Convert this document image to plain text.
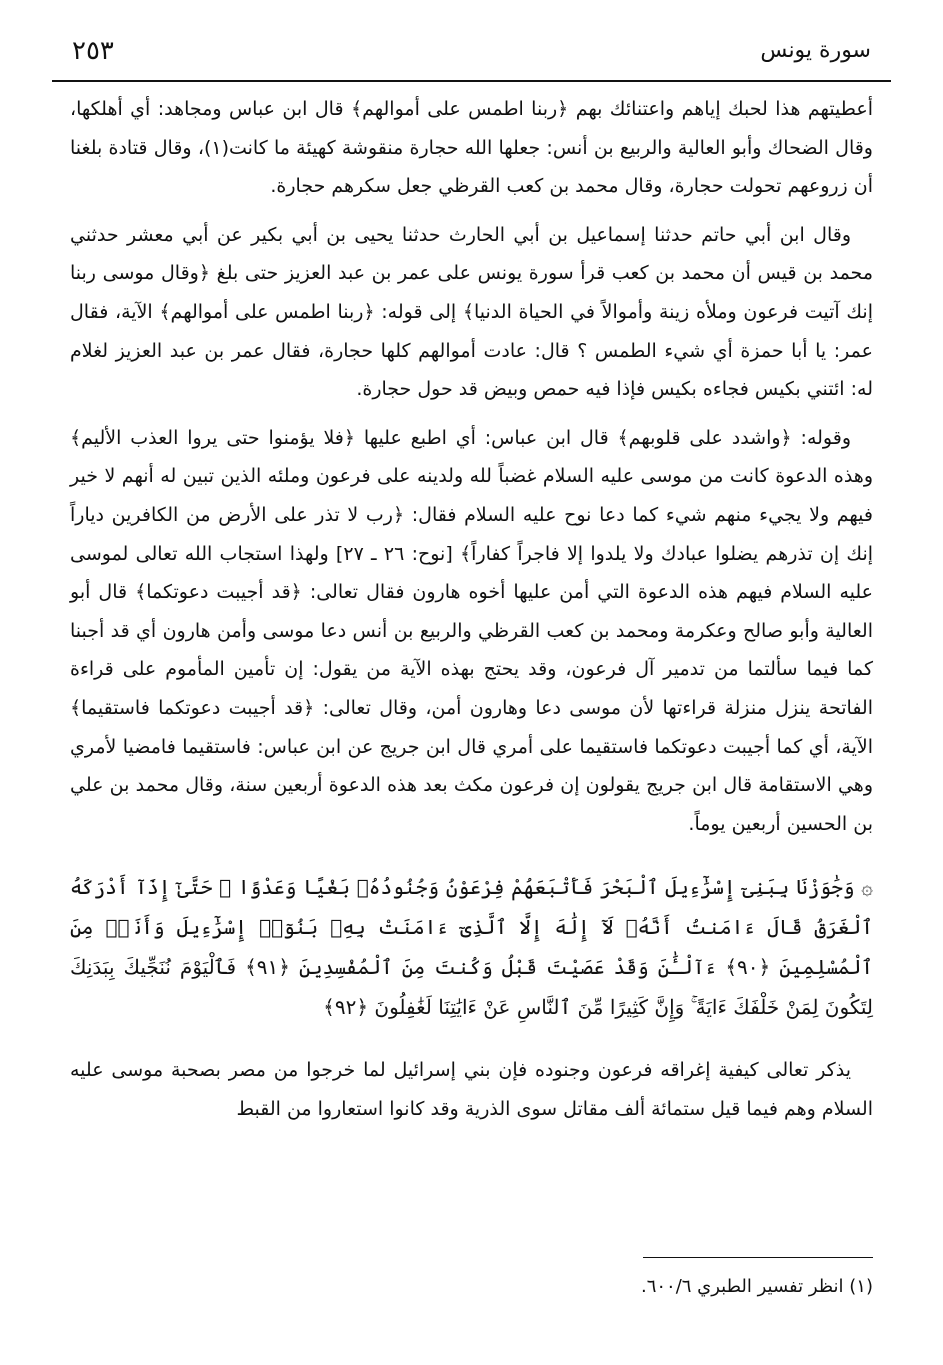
سورة يونس
٢٥٣

أعطيتهم هذا لحبك إياهم واعتنائك بهم ﴿ربنا اطمس على أموالهم﴾ قال ابن عباس ومجاهد: أي أهلكها، وقال الضحاك وأبو العالية والربيع بن أنس: جعلها الله حجارة منقوشة كهيئة ما كانت(١)، وقال قتادة بلغنا أن زروعهم تحولت حجارة، وقال محمد بن كعب القرظي جعل سكرهم حجارة.

وقال ابن أبي حاتم حدثنا إسماعيل بن أبي الحارث حدثنا يحيى بن أبي بكير عن أبي معشر حدثني محمد بن قيس أن محمد بن كعب قرأ سورة يونس على عمر بن عبد العزيز حتى بلغ ﴿وقال موسى ربنا إنك آتيت فرعون وملأه زينة وأموالاً في الحياة الدنيا﴾ إلى قوله: ﴿ربنا اطمس على أموالهم﴾ الآية، فقال عمر: يا أبا حمزة أي شيء الطمس ؟ قال: عادت أموالهم كلها حجارة، فقال عمر بن عبد العزيز لغلام له: ائتني بكيس فجاءه بكيس فإذا فيه حمص وبيض قد حول حجارة.

وقوله: ﴿واشدد على قلوبهم﴾ قال ابن عباس: أي اطبع عليها ﴿فلا يؤمنوا حتى يروا العذب الأليم﴾ وهذه الدعوة كانت من موسى عليه السلام غضباً لله ولدينه على فرعون وملئه الذين تبين له أنهم لا خير فيهم ولا يجيء منهم شيء كما دعا نوح عليه السلام فقال: ﴿رب لا تذر على الأرض من الكافرين دياراً إنك إن تذرهم يضلوا عبادك ولا يلدوا إلا فاجراً كفاراً﴾ [نوح: ٢٦ ـ ٢٧] ولهذا استجاب الله تعالى لموسى عليه السلام فيهم هذه الدعوة التي أمن عليها أخوه هارون فقال تعالى: ﴿قد أجيبت دعوتكما﴾ قال أبو العالية وأبو صالح وعكرمة ومحمد بن كعب القرظي والربيع بن أنس دعا موسى وأمن هارون أي قد أجبنا كما فيما سألتما من تدمير آل فرعون، وقد يحتج بهذه الآية من يقول: إن تأمين المأموم على قراءة الفاتحة ينزل منزلة قراءتها لأن موسى دعا وهارون أمن، وقال تعالى: ﴿قد أجيبت دعوتكما فاستقيما﴾ الآية، أي كما أجيبت دعوتكما فاستقيما على أمري قال ابن جريج عن ابن عباس: فاستقيما فامضيا لأمري وهي الاستقامة قال ابن جريج يقولون إن فرعون مكث بعد هذه الدعوة أربعين سنة، وقال محمد بن علي بن الحسين أربعين يوماً.

۞ وَجَٰوَزْنَا بِبَنِىٓ إِسْرَٰٓءِيلَ ٱلْبَحْرَ فَأَتْبَعَهُمْ فِرْعَوْنُ وَجُنُودُهُۥ بَغْيًا وَعَدْوًا ۖ حَتَّىٰٓ إِذَآ أَدْرَكَهُ ٱلْغَرَقُ قَالَ ءَامَنتُ أَنَّهُۥ لَآ إِلَٰهَ إِلَّا ٱلَّذِىٓ ءَامَنَتْ بِهِۦ بَنُوٓا۟ إِسْرَٰٓءِيلَ وَأَنَا۠ مِنَ ٱلْمُسْلِمِينَ ﴿٩٠﴾ ءَآلْـَٰٔنَ وَقَدْ عَصَيْتَ قَبْلُ وَكُنتَ مِنَ ٱلْمُفْسِدِينَ ﴿٩١﴾ فَٱلْيَوْمَ نُنَجِّيكَ بِبَدَنِكَ لِتَكُونَ لِمَنْ خَلْفَكَ ءَايَةً ۚ وَإِنَّ كَثِيرًا مِّنَ ٱلنَّاسِ عَنْ ءَايَٰتِنَا لَغَٰفِلُونَ ﴿٩٢﴾

يذكر تعالى كيفية إغراقه فرعون وجنوده فإن بني إسرائيل لما خرجوا من مصر بصحبة موسى عليه السلام وهم فيما قيل ستمائة ألف مقاتل سوى الذرية وقد كانوا استعاروا من القبط

(١) انظر تفسير الطبري ٦٠٠/٦.
